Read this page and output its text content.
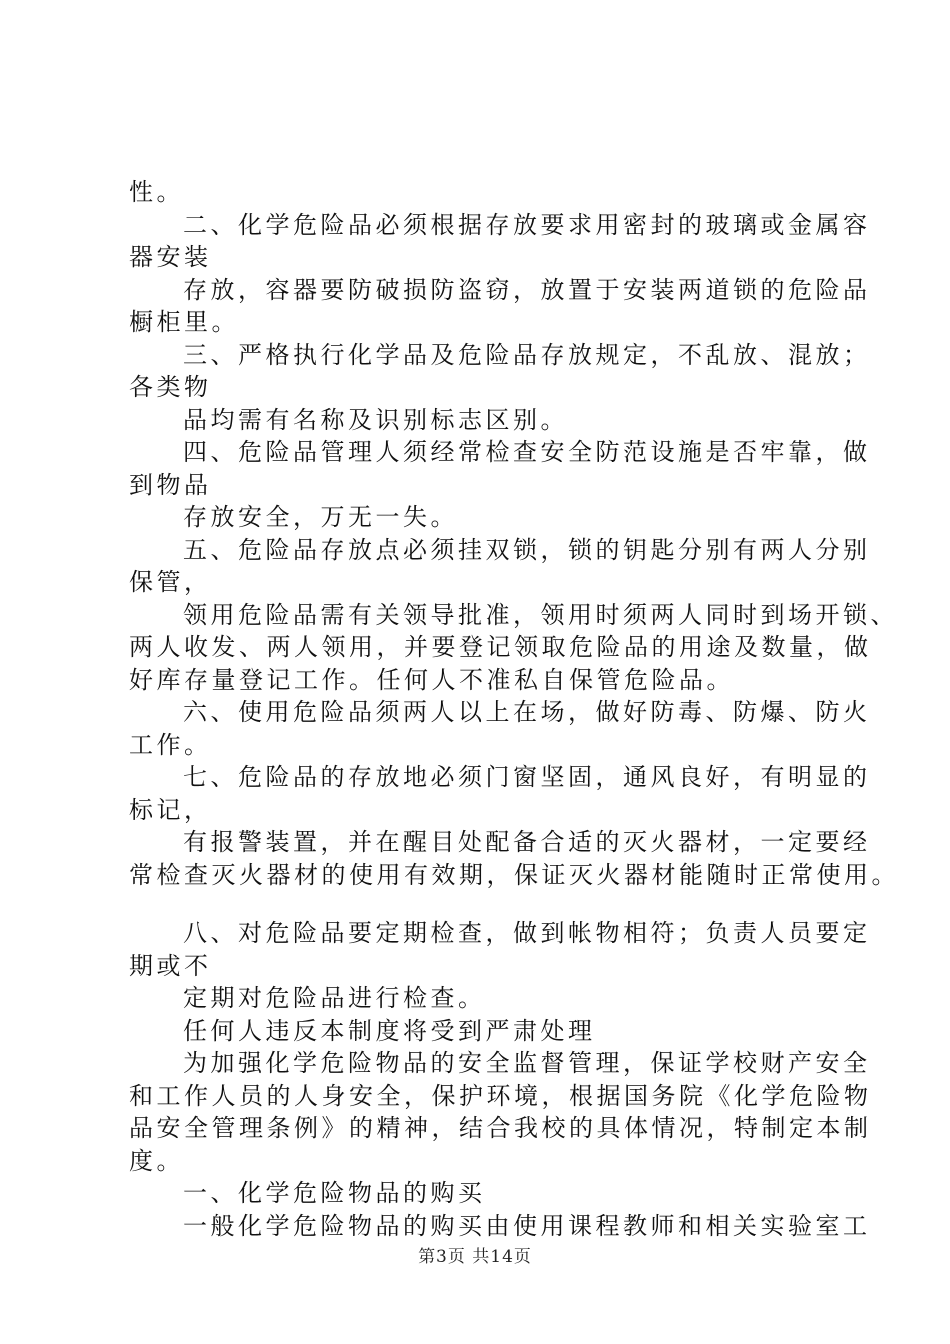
性。

二、化学危险品必须根据存放要求用密封的玻璃或金属容

器安装

存放，容器要防破损防盗窃，放置于安装两道锁的危险品

橱柜里。

三、严格执行化学品及危险品存放规定，不乱放、混放；

各类物

品均需有名称及识别标志区别。

四、危险品管理人须经常检查安全防范设施是否牢靠，做

到物品

存放安全，万无一失。

五、危险品存放点必须挂双锁，锁的钥匙分别有两人分别

保管，

领用危险品需有关领导批准，领用时须两人同时到场开锁、

两人收发、两人领用，并要登记领取危险品的用途及数量，做

好库存量登记工作。任何人不准私自保管危险品。

六、使用危险品须两人以上在场，做好防毒、防爆、防火

工作。

七、危险品的存放地必须门窗坚固，通风良好，有明显的

标记，

有报警装置，并在醒目处配备合适的灭火器材，一定要经

常检查灭火器材的使用有效期，保证灭火器材能随时正常使用。

八、对危险品要定期检查，做到帐物相符；负责人员要定

期或不

定期对危险品进行检查。

任何人违反本制度将受到严肃处理

为加强化学危险物品的安全监督管理，保证学校财产安全

和工作人员的人身安全，保护环境，根据国务院《化学危险物

品安全管理条例》的精神，结合我校的具体情况，特制定本制

度。

一、化学危险物品的购买

一般化学危险物品的购买由使用课程教师和相关实验室工

第3页 共14页
